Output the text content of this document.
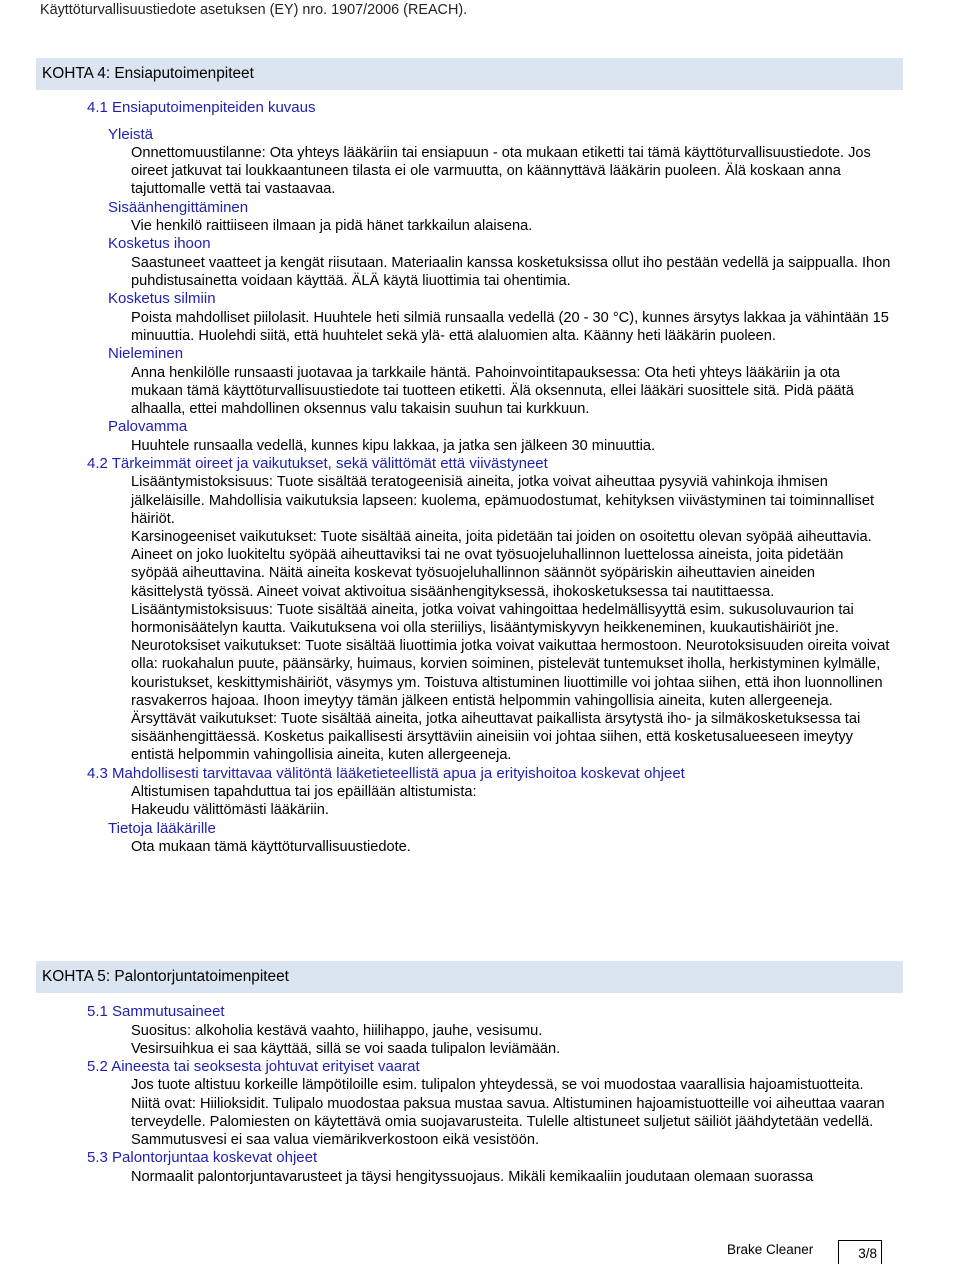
Käyttöturvallisuustiedote asetuksen (EY) nro. 1907/2006 (REACH).
KOHTA 4: Ensiaputoimenpiteet
4.1 Ensiaputoimenpiteiden kuvaus
Yleistä
Onnettomuustilanne: Ota yhteys lääkäriin tai ensiapuun - ota mukaan etiketti tai tämä käyttöturvallisuustiedote. Jos oireet jatkuvat tai loukkaantuneen tilasta ei ole varmuutta, on käännyttävä lääkärin puoleen. Älä koskaan anna tajuttomalle vettä tai vastaavaa.
Sisäänhengittäminen
Vie henkilö raittiiseen ilmaan ja pidä hänet tarkkailun alaisena.
Kosketus ihoon
Saastuneet vaatteet ja kengät riisutaan. Materiaalin kanssa kosketuksissa ollut iho pestään vedellä ja saippualla. Ihon puhdistusainetta voidaan käyttää. ÄLÄ käytä liuottimia tai ohentimia.
Kosketus silmiin
Poista mahdolliset piilolasit. Huuhtele heti silmiä runsaalla vedellä (20 - 30 °C), kunnes ärsytys lakkaa ja vähintään 15 minuuttia. Huolehdi siitä, että huuhtelet sekä ylä- että alaluomien alta. Käänny heti lääkärin puoleen.
Nieleminen
Anna henkilölle runsaasti juotavaa ja tarkkaile häntä. Pahoinvointitapauksessa: Ota heti yhteys lääkäriin ja ota mukaan tämä käyttöturvallisuustiedote tai tuotteen etiketti. Älä oksennuta, ellei lääkäri suosittele sitä. Pidä päätä alhaalla, ettei mahdollinen oksennus valu takaisin suuhun tai kurkkuun.
Palovamma
Huuhtele runsaalla vedellä, kunnes kipu lakkaa, ja jatka sen jälkeen 30 minuuttia.
4.2 Tärkeimmät oireet ja vaikutukset, sekä välittömät että viivästyneet
Lisääntymistoksisuus: Tuote sisältää teratogeenisiä aineita, jotka voivat aiheuttaa pysyviä vahinkoja ihmisen jälkeläisille. Mahdollisia vaikutuksia lapseen: kuolema, epämuodostumat, kehityksen viivästyminen tai toiminnalliset häiriöt.
Karsinogeeniset vaikutukset: Tuote sisältää aineita, joita pidetään tai joiden on osoitettu olevan syöpää aiheuttavia. Aineet on joko luokiteltu syöpää aiheuttaviksi tai ne ovat työsuojeluhallinnon luettelossa aineista, joita pidetään syöpää aiheuttavina. Näitä aineita koskevat työsuojeluhallinnon säännöt syöpäriskin aiheuttavien aineiden käsittelystä työssä. Aineet voivat aktivoitua sisäänhengityksessä, ihokosketuksessa tai nautittaessa.
Lisääntymistoksisuus: Tuote sisältää aineita, jotka voivat vahingoittaa hedelmällisyyttä esim. sukusoluvaurion tai hormonisäätelyn kautta. Vaikutuksena voi olla steriiliys, lisääntymiskyvyn heikkeneminen, kuukautishäiriöt jne.
Neurotoksiset vaikutukset: Tuote sisältää liuottimia jotka voivat vaikuttaa hermostoon. Neurotoksisuuden oireita voivat olla: ruokahalun puute, päänsärky, huimaus, korvien soiminen, pistelevät tuntemukset iholla, herkistyminen kylmälle, kouristukset, keskittymishäiriöt, väsymys ym. Toistuva altistuminen liuottimille voi johtaa siihen, että ihon luonnollinen rasvakerros hajoaa. Ihoon imeytyy tämän jälkeen entistä helpommin vahingollisia aineita, kuten allergeeneja.
Ärsyttävät vaikutukset: Tuote sisältää aineita, jotka aiheuttavat paikallista ärsytystä iho- ja silmäkosketuksessa tai sisäänhengittäessä. Kosketus paikallisesti ärsyttäviin aineisiin voi johtaa siihen, että kosketusalueeseen imeytyy entistä helpommin vahingollisia aineita, kuten allergeeneja.
4.3 Mahdollisesti tarvittavaa välitöntä lääketieteellistä apua ja erityishoitoa koskevat ohjeet
Altistumisen tapahduttua tai jos epäillään altistumista:
Hakeudu välittömästi lääkäriin.
Tietoja lääkärille
Ota mukaan tämä käyttöturvallisuustiedote.
KOHTA 5: Palontorjuntatoimenpiteet
5.1 Sammutusaineet
Suositus: alkoholia kestävä vaahto, hiilihappo, jauhe, vesisumu.
Vesirsuihkua ei saa käyttää, sillä se voi saada tulipalon leviämään.
5.2 Aineesta tai seoksesta johtuvat erityiset vaarat
Jos tuote altistuu korkeille lämpötiloille esim. tulipalon yhteydessä, se voi muodostaa vaarallisia hajoamistuotteita. Niitä ovat: Hiilioksidit. Tulipalo muodostaa paksua mustaa savua. Altistuminen hajoamistuotteille voi aiheuttaa vaaran terveydelle. Palomiesten on käytettävä omia suojavarusteita. Tulelle altistuneet suljetut säiliöt jäähdytetään vedellä. Sammutusvesi ei saa valua viemärikverkostoon eikä vesistöön.
5.3 Palontorjuntaa koskevat ohjeet
Normaalit palontorjuntavarusteet ja täysi hengityssuojaus. Mikäli kemikaaliin joudutaan olemaan suorassa
Brake Cleaner	3/8
